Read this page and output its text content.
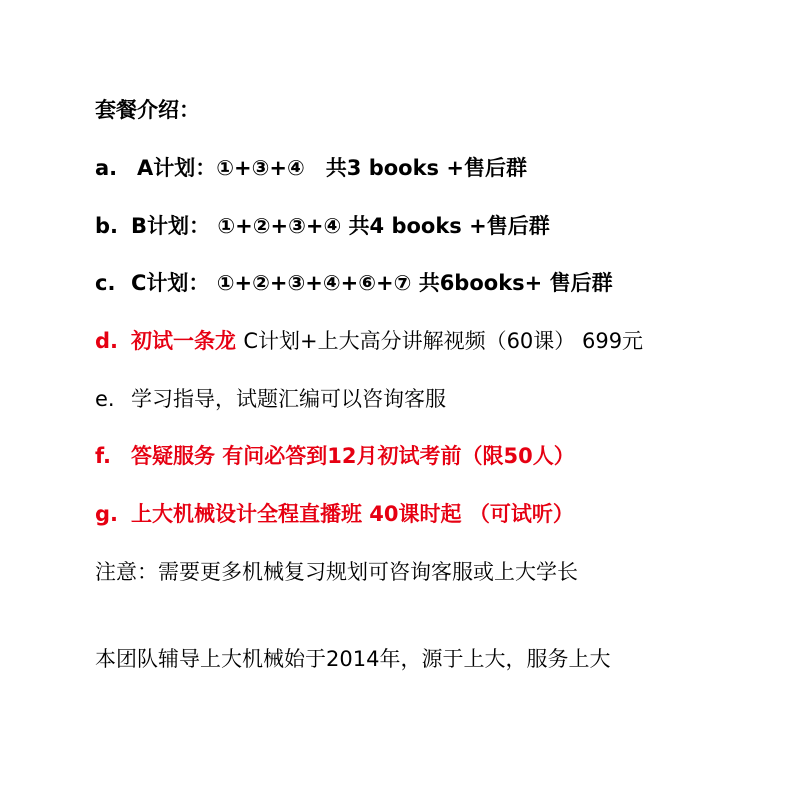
套餐介绍：
a. A计划：①+③+④　共3 books +售后群
b. B计划： ①+②+③+④ 共4 books +售后群
c. C计划： ①+②+③+④+⑥+⑦ 共6books+ 售后群
d. 初试一条龙 C计划+上大高分讲解视频（60课） 699元
e. 学习指导，试题汇编可以咨询客服
f. 答疑服务 有问必答到12月初试考前（限50人）
g. 上大机械设计全程直播班 40课时起 （可试听）
注意：需要更多机械复习规划可咨询客服或上大学长
本团队辅导上大机械始于2014年，源于上大，服务上大
